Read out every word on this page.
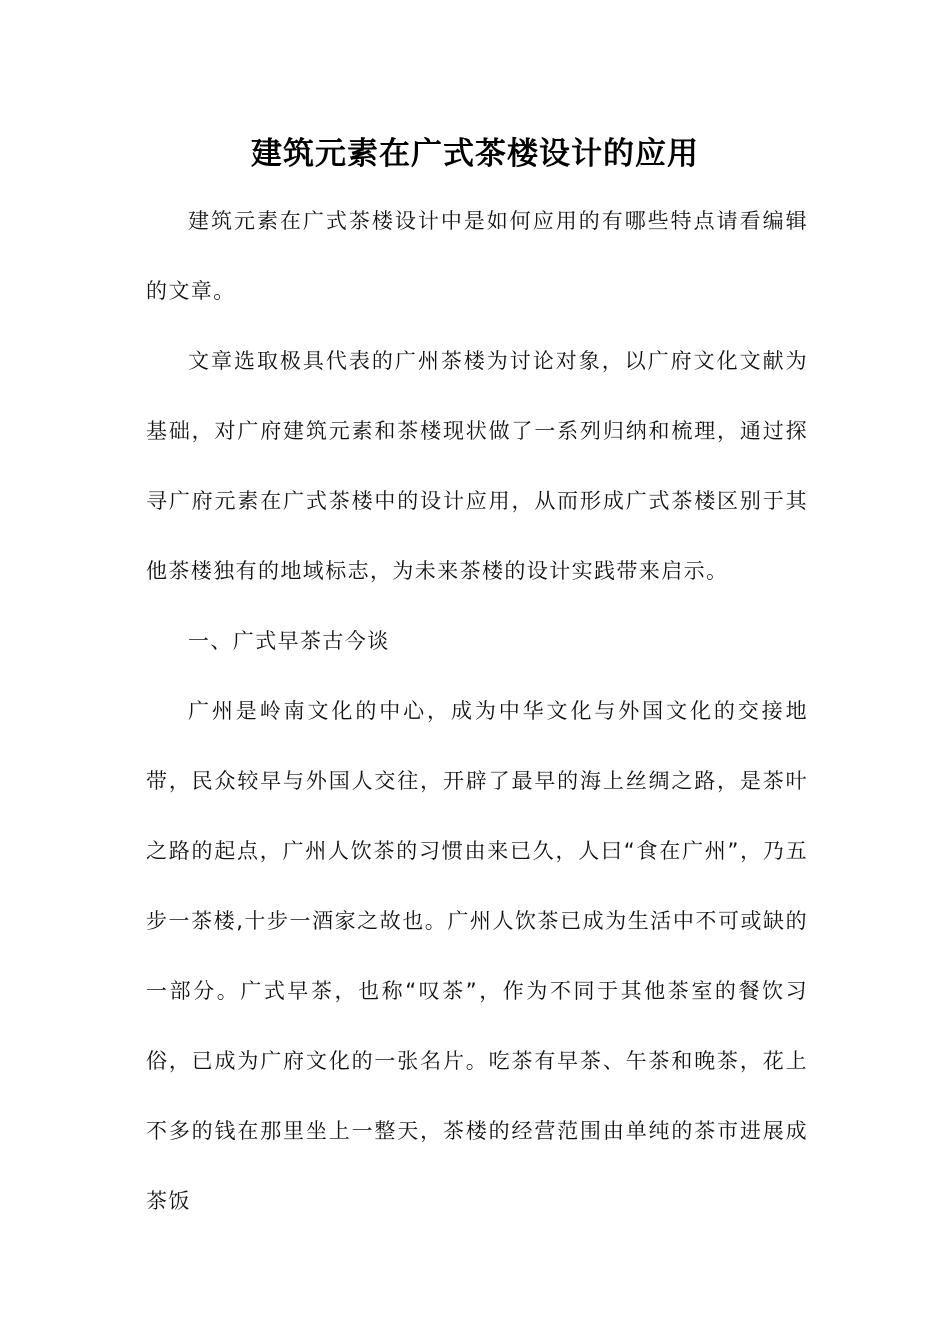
建筑元素在广式茶楼设计的应用

建筑元素在广式茶楼设计中是如何应用的有哪些特点请看编辑的文章。

文章选取极具代表的广州茶楼为讨论对象，以广府文化文献为基础，对广府建筑元素和茶楼现状做了一系列归纳和梳理，通过探寻广府元素在广式茶楼中的设计应用，从而形成广式茶楼区别于其他茶楼独有的地域标志，为未来茶楼的设计实践带来启示。

一、广式早茶古今谈

广州是岭南文化的中心，成为中华文化与外国文化的交接地带，民众较早与外国人交往，开辟了最早的海上丝绸之路，是茶叶之路的起点，广州人饮茶的习惯由来已久，人曰“食在广州”，乃五步一茶楼,十步一酒家之故也。广州人饮茶已成为生活中不可或缺的一部分。广式早茶，也称“叹茶”，作为不同于其他茶室的餐饮习俗，已成为广府文化的一张名片。吃茶有早茶、午茶和晚茶，花上不多的钱在那里坐上一整天，茶楼的经营范围由单纯的茶市进展成茶饭
